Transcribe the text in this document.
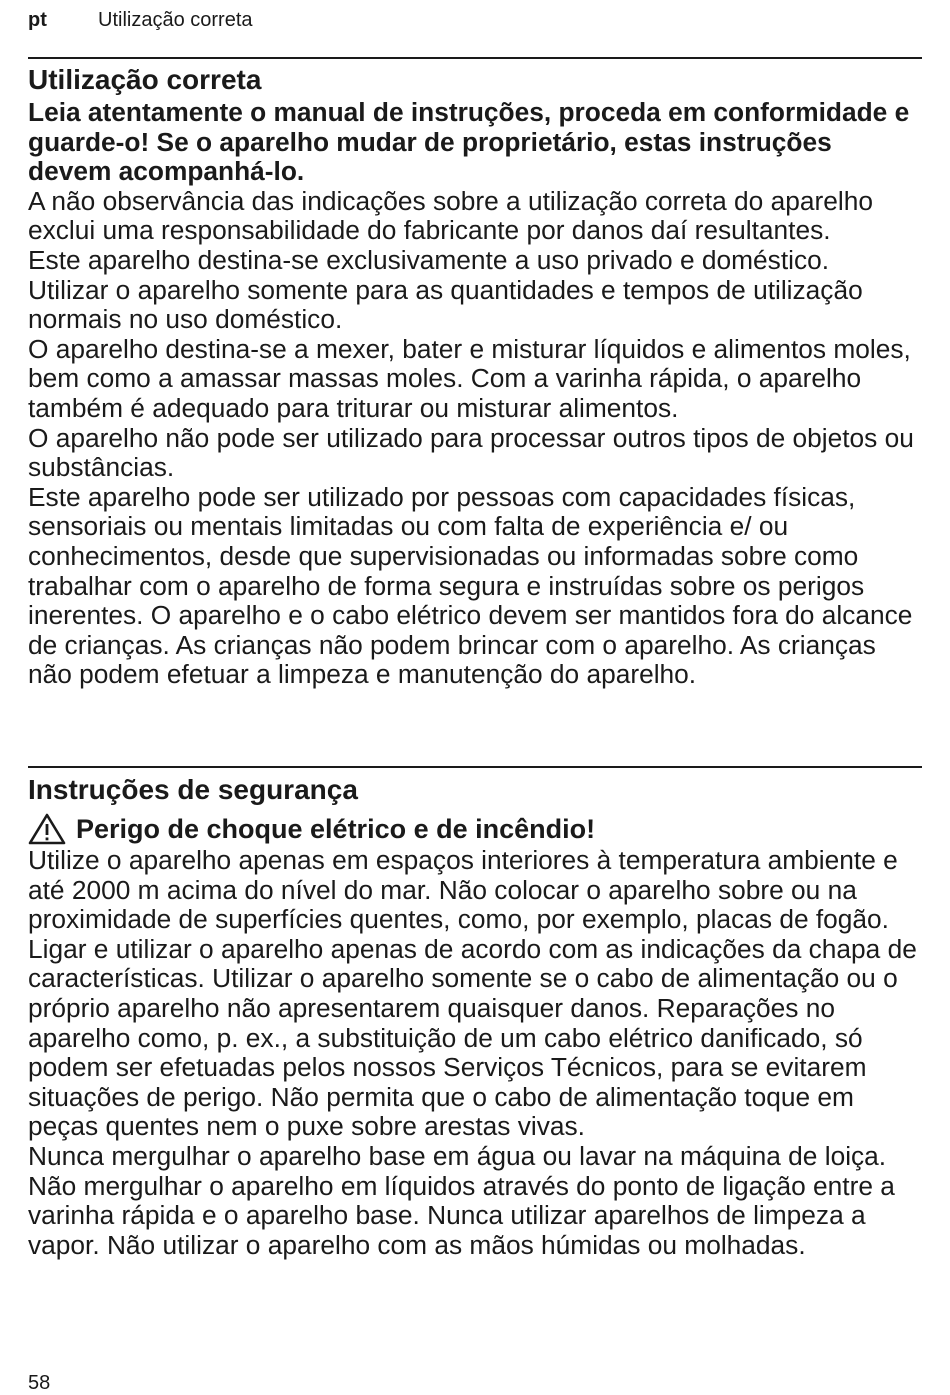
pt	Utilização correta
Utilização correta

Leia atentamente o manual de instruções, proceda em conformidade e guarde-o! Se o aparelho mudar de proprietário, estas instruções devem acompanhá-lo.

A não observância das indicações sobre a utilização correta do aparelho exclui uma responsabilidade do fabricante por danos daí resultantes.

Este aparelho destina-se exclusivamente a uso privado e doméstico.

Utilizar o aparelho somente para as quantidades e tempos de utilização normais no uso doméstico.

O aparelho destina-se a mexer, bater e misturar líquidos e alimentos moles, bem como a amassar massas moles. Com a varinha rápida, o aparelho também é adequado para triturar ou misturar alimentos.

O aparelho não pode ser utilizado para processar outros tipos de objetos ou substâncias.

Este aparelho pode ser utilizado por pessoas com capacidades físicas, sensoriais ou mentais limitadas ou com falta de experiência e/ ou conhecimentos, desde que supervisionadas ou informadas sobre como trabalhar com o aparelho de forma segura e instruídas sobre os perigos inerentes. O aparelho e o cabo elétrico devem ser mantidos fora do alcance de crianças. As crianças não podem brincar com o aparelho. As crianças não podem efetuar a limpeza e manutenção do aparelho.

Instruções de segurança
Perigo de choque elétrico e de incêndio!

Utilize o aparelho apenas em espaços interiores à temperatura ambiente e até 2000 m acima do nível do mar. Não colocar o aparelho sobre ou na proximidade de superfícies quentes, como, por exemplo, placas de fogão.

Ligar e utilizar o aparelho apenas de acordo com as indicações da chapa de características. Utilizar o aparelho somente se o cabo de alimentação ou o próprio aparelho não apresentarem quaisquer danos. Reparações no aparelho como, p. ex., a substituição de um cabo elétrico danificado, só podem ser efetuadas pelos nossos Serviços Técnicos, para se evitarem situações de perigo. Não permita que o cabo de alimentação toque em peças quentes nem o puxe sobre arestas vivas.

Nunca mergulhar o aparelho base em água ou lavar na máquina de loiça. Não mergulhar o aparelho em líquidos através do ponto de ligação entre a varinha rápida e o aparelho base. Nunca utilizar aparelhos de limpeza a vapor. Não utilizar o aparelho com as mãos húmidas ou molhadas.

58
